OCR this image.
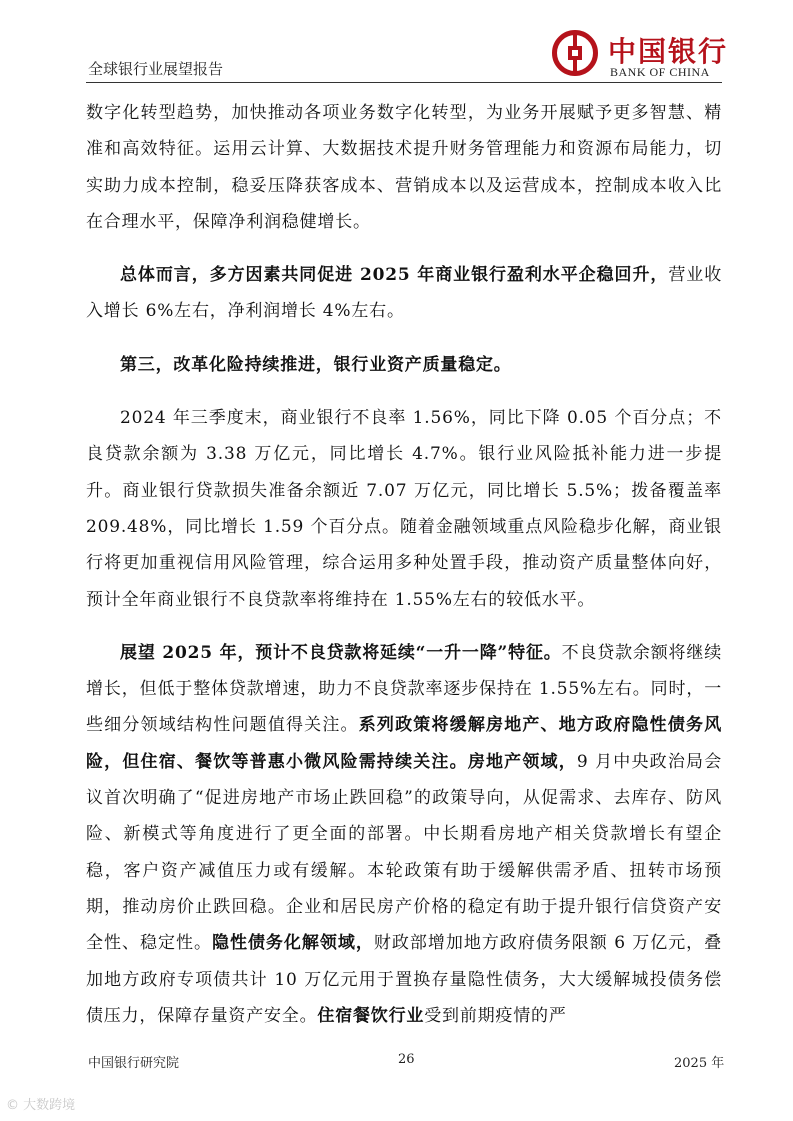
全球银行业展望报告
中国银行
BANK OF CHINA

数字化转型趋势，加快推动各项业务数字化转型，为业务开展赋予更多智慧、精准和高效特征。运用云计算、大数据技术提升财务管理能力和资源布局能力，切实助力成本控制，稳妥压降获客成本、营销成本以及运营成本，控制成本收入比在合理水平，保障净利润稳健增长。

总体而言，多方因素共同促进 2025 年商业银行盈利水平企稳回升，营业收入增长 6%左右，净利润增长 4%左右。

第三，改革化险持续推进，银行业资产质量稳定。

2024 年三季度末，商业银行不良率 1.56%，同比下降 0.05 个百分点；不良贷款余额为 3.38 万亿元，同比增长 4.7%。银行业风险抵补能力进一步提升。商业银行贷款损失准备余额近 7.07 万亿元，同比增长 5.5%；拨备覆盖率 209.48%，同比增长 1.59 个百分点。随着金融领域重点风险稳步化解，商业银行将更加重视信用风险管理，综合运用多种处置手段，推动资产质量整体向好，预计全年商业银行不良贷款率将维持在 1.55%左右的较低水平。

展望 2025 年，预计不良贷款将延续“一升一降”特征。不良贷款余额将继续增长，但低于整体贷款增速，助力不良贷款率逐步保持在 1.55%左右。同时，一些细分领域结构性问题值得关注。系列政策将缓解房地产、地方政府隐性债务风险，但住宿、餐饮等普惠小微风险需持续关注。房地产领域，9 月中央政治局会议首次明确了“促进房地产市场止跌回稳”的政策导向，从促需求、去库存、防风险、新模式等角度进行了更全面的部署。中长期看房地产相关贷款增长有望企稳，客户资产减值压力或有缓解。本轮政策有助于缓解供需矛盾、扭转市场预期，推动房价止跌回稳。企业和居民房产价格的稳定有助于提升银行信贷资产安全性、稳定性。隐性债务化解领域，财政部增加地方政府债务限额 6 万亿元，叠加地方政府专项债共计 10 万亿元用于置换存量隐性债务，大大缓解城投债务偿债压力，保障存量资产安全。住宿餐饮行业受到前期疫情的严

中国银行研究院	26	2025 年
© 大数跨境
